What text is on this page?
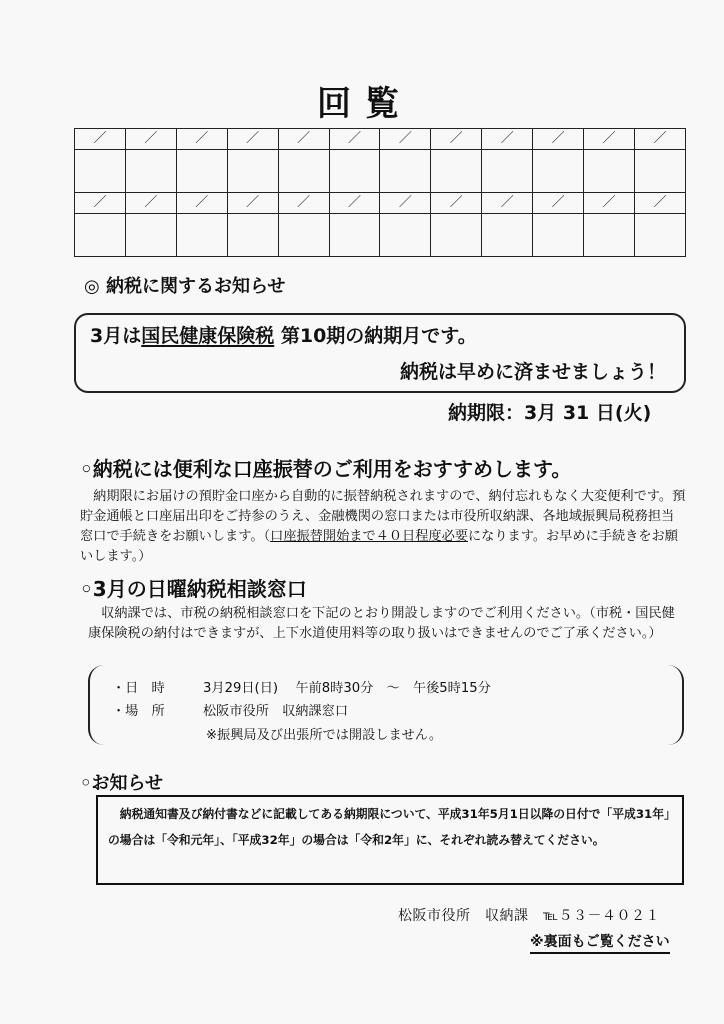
回覧
／	／	／	／	／	／	／	／	／	／	／	／

／	／	／	／	／	／	／	／	／	／	／	／

◎ 納税に関するお知らせ
3月は国民健康保険税 第10期の納期月です。
納税は早めに済ませましょう！
納期限：3月 31 日(火)
◦納税には便利な口座振替のご利用をおすすめします。
　納期限にお届けの預貯金口座から自動的に振替納税されますので、納付忘れもなく大変便利です。預貯金通帳と口座届出印をご持参のうえ、金融機関の窓口または市役所収納課、各地域振興局税務担当窓口で手続きをお願いします。（口座振替開始まで４０日程度必要になります。お早めに手続きをお願いします。）
◦3月の日曜納税相談窓口
　収納課では、市税の納税相談窓口を下記のとおり開設しますのでご利用ください。（市税・国民健康保険税の納付はできますが、上下水道使用料等の取り扱いはできませんのでご了承ください。）
・日　時	3月29日(日)　 午前8時30分　～　午後5時15分
・場　所	松阪市役所　収納課窓口
※振興局及び出張所では開設しません。
◦お知らせ
　納税通知書及び納付書などに記載してある納期限について、平成31年5月1日以降の日付で「平成31年」の場合は「令和元年」、「平成32年」の場合は「令和2年」に、それぞれ読み替えてください。
松阪市役所　収納課　℡５３－４０２１
※裏面もご覧ください
